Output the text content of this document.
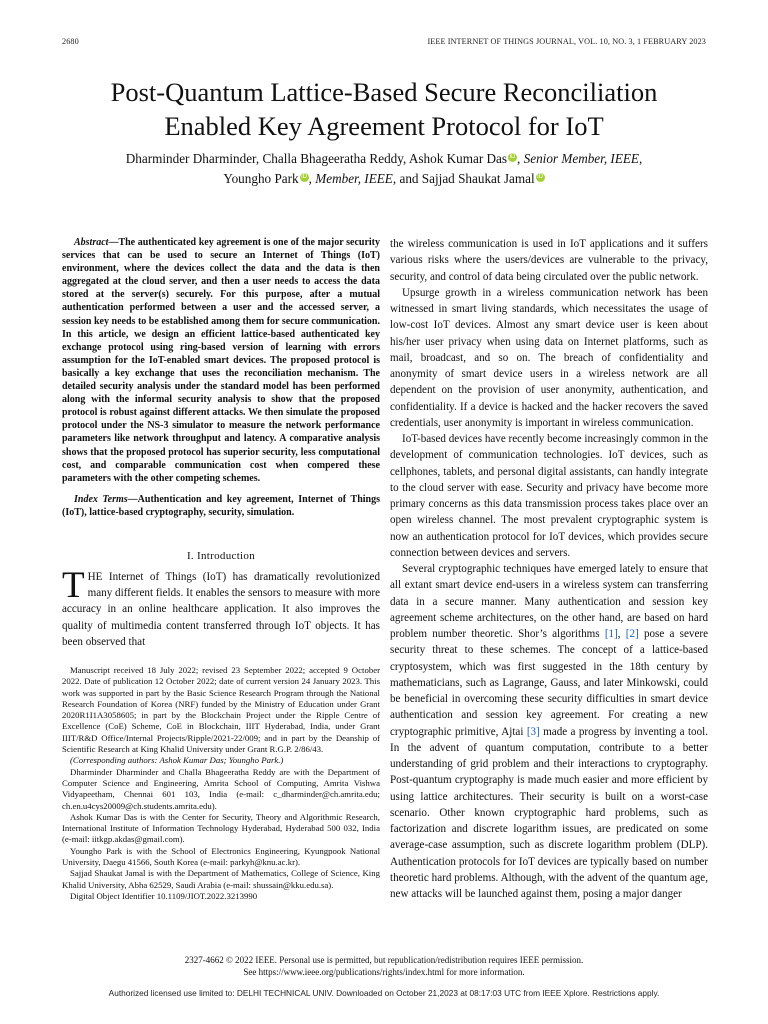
2680	IEEE INTERNET OF THINGS JOURNAL, VOL. 10, NO. 3, 1 FEBRUARY 2023
Post-Quantum Lattice-Based Secure Reconciliation
Enabled Key Agreement Protocol for IoT
Dharminder Dharminder, Challa Bhageeratha Reddy, Ashok Kumar Das iD , Senior Member, IEEE,
Youngho Park iD , Member, IEEE, and Sajjad Shaukat Jamal iD

Abstract—The authenticated key agreement is one of the major security services that can be used to secure an Internet of Things (IoT) environment, where the devices collect the data and the data is then aggregated at the cloud server, and then a user needs to access the data stored at the server(s) securely. For this purpose, after a mutual authentication performed between a user and the accessed server, a session key needs to be established among them for secure communication. In this article, we design an efficient lattice-based authenticated key exchange protocol using ring-based version of learning with errors assumption for the IoT-enabled smart devices. The proposed protocol is basically a key exchange that uses the reconciliation mechanism. The detailed security analysis under the standard model has been performed along with the informal security analysis to show that the proposed protocol is robust against different attacks. We then simulate the proposed protocol under the NS-3 simulator to measure the network performance parameters like network throughput and latency. A comparative analysis shows that the proposed protocol has superior security, less computational cost, and comparable communication cost when compered these parameters with the other competing schemes.

Index Terms—Authentication and key agreement, Internet of Things (IoT), lattice-based cryptography, security, simulation.

I. Introduction

THE Internet of Things (IoT) has dramatically revolutionized many different fields. It enables the sensors to measure with more accuracy in an online healthcare application. It also improves the quality of multimedia content transferred through IoT objects. It has been observed that

Manuscript received 18 July 2022; revised 23 September 2022; accepted 9 October 2022. Date of publication 12 October 2022; date of current version 24 January 2023. This work was supported in part by the Basic Science Research Program through the National Research Foundation of Korea (NRF) funded by the Ministry of Education under Grant 2020R1I1A3058605; in part by the Blockchain Project under the Ripple Centre of Excellence (CoE) Scheme, CoE in Blockchain, IIIT Hyderabad, India, under Grant IIIT/R&D Office/Internal Projects/Ripple/2021-22/009; and in part by the Deanship of Scientific Research at King Khalid University under Grant R.G.P. 2/86/43.

(Corresponding authors: Ashok Kumar Das; Youngho Park.)

Dharminder Dharminder and Challa Bhageeratha Reddy are with the Department of Computer Science and Engineering, Amrita School of Computing, Amrita Vishwa Vidyapeetham, Chennai 601 103, India (e-mail: c_dharminder@ch.amrita.edu; ch.en.u4cys20009@ch.students.amrita.edu).

Ashok Kumar Das is with the Center for Security, Theory and Algorithmic Research, International Institute of Information Technology Hyderabad, Hyderabad 500 032, India (e-mail: iitkgp.akdas@gmail.com).

Youngho Park is with the School of Electronics Engineering, Kyungpook National University, Daegu 41566, South Korea (e-mail: parkyh@knu.ac.kr).

Sajjad Shaukat Jamal is with the Department of Mathematics, College of Science, King Khalid University, Abha 62529, Saudi Arabia (e-mail: shussain@kku.edu.sa).

Digital Object Identifier 10.1109/JIOT.2022.3213990

the wireless communication is used in IoT applications and it suffers various risks where the users/devices are vulnerable to the privacy, security, and control of data being circulated over the public network.

Upsurge growth in a wireless communication network has been witnessed in smart living standards, which necessitates the usage of low-cost IoT devices. Almost any smart device user is keen about his/her user privacy when using data on Internet platforms, such as mail, broadcast, and so on. The breach of confidentiality and anonymity of smart device users in a wireless network are all dependent on the provision of user anonymity, authentication, and confidentiality. If a device is hacked and the hacker recovers the saved credentials, user anonymity is important in wireless communication.

IoT-based devices have recently become increasingly common in the development of communication technologies. IoT devices, such as cellphones, tablets, and personal digital assistants, can handly integrate to the cloud server with ease. Security and privacy have become more primary concerns as this data transmission process takes place over an open wireless channel. The most prevalent cryptographic system is now an authentication protocol for IoT devices, which provides secure connection between devices and servers.

Several cryptographic techniques have emerged lately to ensure that all extant smart device end-users in a wireless system can transferring data in a secure manner. Many authentication and session key agreement scheme architectures, on the other hand, are based on hard problem number theoretic. Shor’s algorithms [1], [2] pose a severe security threat to these schemes. The concept of a lattice-based cryptosystem, which was first suggested in the 18th century by mathematicians, such as Lagrange, Gauss, and later Minkowski, could be beneficial in overcoming these security difficulties in smart device authentication and session key agreement. For creating a new cryptographic primitive, Ajtai [3] made a progress by inventing a tool. In the advent of quantum computation, contribute to a better understanding of grid problem and their interactions to cryptography. Post-quantum cryptography is made much easier and more efficient by using lattice architectures. Their security is built on a worst-case scenario. Other known cryptographic hard problems, such as factorization and discrete logarithm issues, are predicated on some average-case assumption, such as discrete logarithm problem (DLP). Authentication protocols for IoT devices are typically based on number theoretic hard problems. Although, with the advent of the quantum age, new attacks will be launched against them, posing a major danger

2327-4662 © 2022 IEEE. Personal use is permitted, but republication/redistribution requires IEEE permission.
See https://www.ieee.org/publications/rights/index.html for more information.
Authorized licensed use limited to: DELHI TECHNICAL UNIV. Downloaded on October 21,2023 at 08:17:03 UTC from IEEE Xplore. Restrictions apply.
